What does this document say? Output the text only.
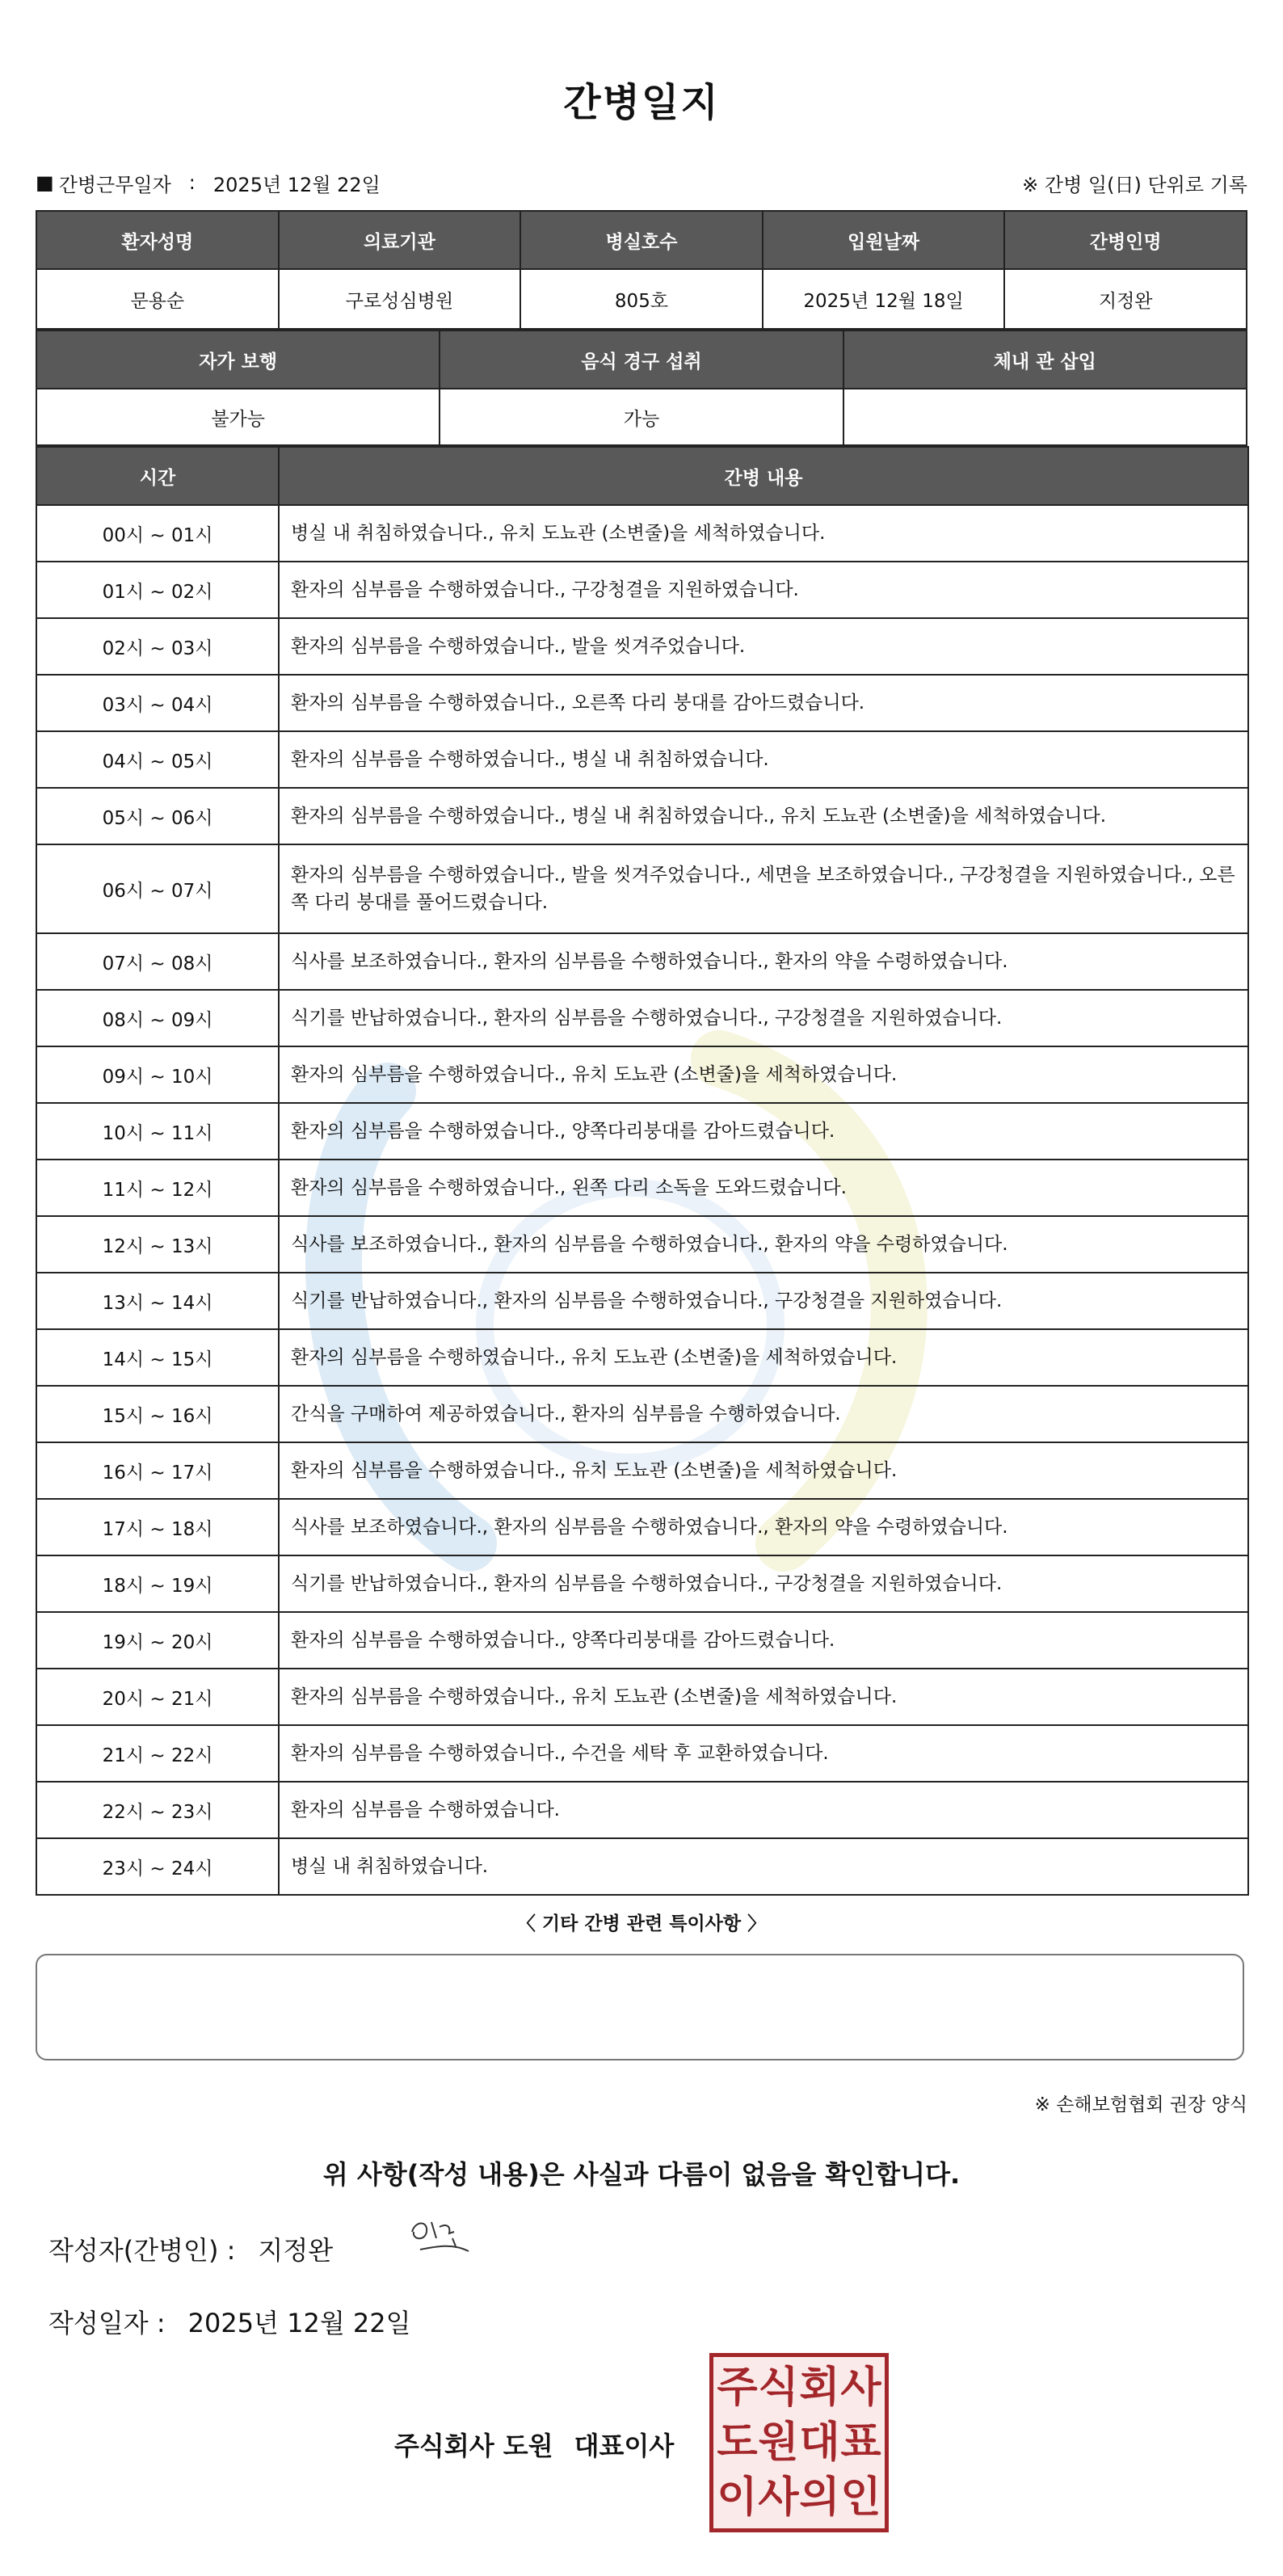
간병일지
■ 간병근무일자 : 2025년 12월 22일	※ 간병 일(日) 단위로 기록
환자성명	의료기관	병실호수	입원날짜	간병인명
문용순	구로성심병원	805호	2025년 12월 18일	지정완
자가 보행	음식 경구 섭취	체내 관 삽입
불가능	가능	
시간	간병 내용
00시 ~ 01시	병실 내 취침하였습니다., 유치 도뇨관 (소변줄)을 세척하였습니다.
01시 ~ 02시	환자의 심부름을 수행하였습니다., 구강청결을 지원하였습니다.
02시 ~ 03시	환자의 심부름을 수행하였습니다., 발을 씻겨주었습니다.
03시 ~ 04시	환자의 심부름을 수행하였습니다., 오른쪽 다리 붕대를 감아드렸습니다.
04시 ~ 05시	환자의 심부름을 수행하였습니다., 병실 내 취침하였습니다.
05시 ~ 06시	환자의 심부름을 수행하였습니다., 병실 내 취침하였습니다., 유치 도뇨관 (소변줄)을 세척하였습니다.
06시 ~ 07시	환자의 심부름을 수행하였습니다., 발을 씻겨주었습니다., 세면을 보조하였습니다., 구강청결을 지원하였습니다., 오른쪽 다리 붕대를 풀어드렸습니다.
07시 ~ 08시	식사를 보조하였습니다., 환자의 심부름을 수행하였습니다., 환자의 약을 수령하였습니다.
08시 ~ 09시	식기를 반납하였습니다., 환자의 심부름을 수행하였습니다., 구강청결을 지원하였습니다.
09시 ~ 10시	환자의 심부름을 수행하였습니다., 유치 도뇨관 (소변줄)을 세척하였습니다.
10시 ~ 11시	환자의 심부름을 수행하였습니다., 양쪽다리붕대를 감아드렸습니다.
11시 ~ 12시	환자의 심부름을 수행하였습니다., 왼쪽 다리 소독을 도와드렸습니다.
12시 ~ 13시	식사를 보조하였습니다., 환자의 심부름을 수행하였습니다., 환자의 약을 수령하였습니다.
13시 ~ 14시	식기를 반납하였습니다., 환자의 심부름을 수행하였습니다., 구강청결을 지원하였습니다.
14시 ~ 15시	환자의 심부름을 수행하였습니다., 유치 도뇨관 (소변줄)을 세척하였습니다.
15시 ~ 16시	간식을 구매하여 제공하였습니다., 환자의 심부름을 수행하였습니다.
16시 ~ 17시	환자의 심부름을 수행하였습니다., 유치 도뇨관 (소변줄)을 세척하였습니다.
17시 ~ 18시	식사를 보조하였습니다., 환자의 심부름을 수행하였습니다., 환자의 약을 수령하였습니다.
18시 ~ 19시	식기를 반납하였습니다., 환자의 심부름을 수행하였습니다., 구강청결을 지원하였습니다.
19시 ~ 20시	환자의 심부름을 수행하였습니다., 양쪽다리붕대를 감아드렸습니다.
20시 ~ 21시	환자의 심부름을 수행하였습니다., 유치 도뇨관 (소변줄)을 세척하였습니다.
21시 ~ 22시	환자의 심부름을 수행하였습니다., 수건을 세탁 후 교환하였습니다.
22시 ~ 23시	환자의 심부름을 수행하였습니다.
23시 ~ 24시	병실 내 취침하였습니다.
〈 기타 간병 관련 특이사항 〉
※ 손해보험협회 권장 양식
위 사항(작성 내용)은 사실과 다름이 없음을 확인합니다.
작성자(간병인) : 지정완
작성일자 : 2025년 12월 22일
주식회사 도원 대표이사
주 식 회 사
도 원 대 표
이 사 의 인
